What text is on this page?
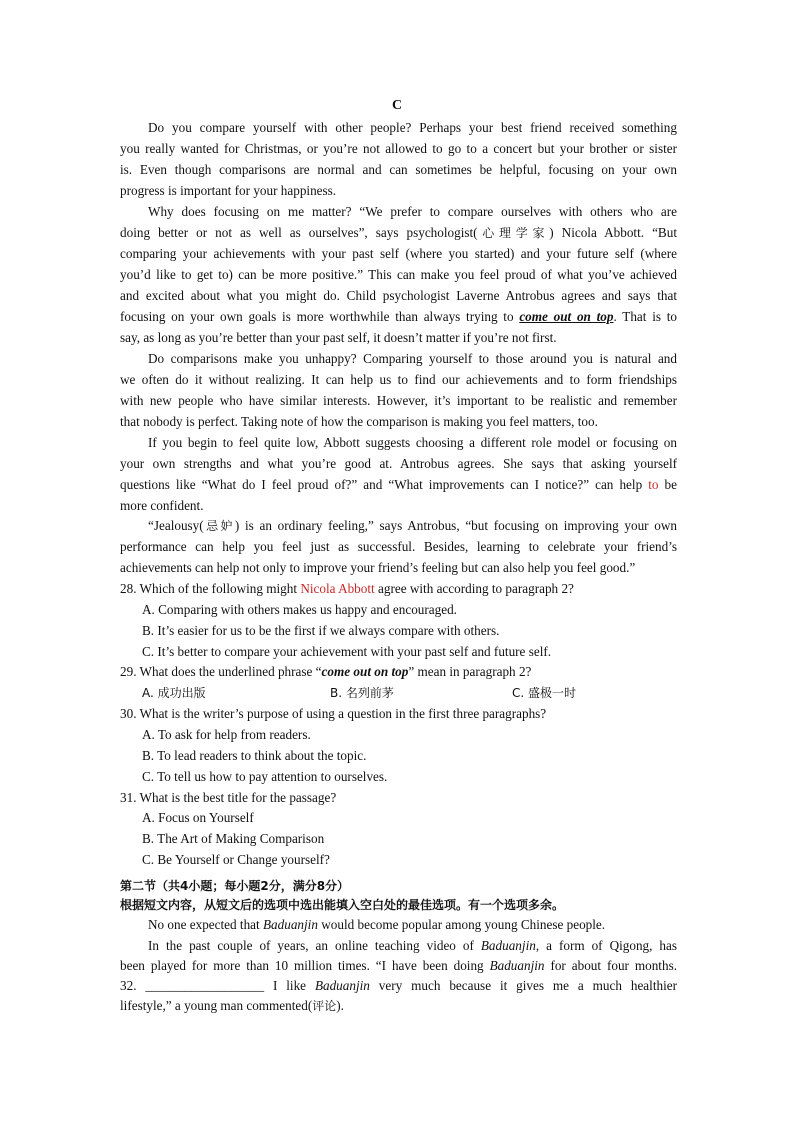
C
Do you compare yourself with other people? Perhaps your best friend received something
you really wanted for Christmas, or you’re not allowed to go to a concert but your brother or sister
is. Even though comparisons are normal and can sometimes be helpful, focusing on your own
progress is important for your happiness.
Why does focusing on me matter? “We prefer to compare ourselves with others who are
doing better or not as well as ourselves”, says psychologist(心理学家) Nicola Abbott. “But
comparing your achievements with your past self (where you started) and your future self (where
you’d like to get to) can be more positive.” This can make you feel proud of what you’ve achieved
and excited about what you might do. Child psychologist Laverne Antrobus agrees and says that
focusing on your own goals is more worthwhile than always trying to come out on top. That is to
say, as long as you’re better than your past self, it doesn’t matter if you’re not first.
Do comparisons make you unhappy? Comparing yourself to those around you is natural and
we often do it without realizing. It can help us to find our achievements and to form friendships
with new people who have similar interests. However, it’s important to be realistic and remember
that nobody is perfect. Taking note of how the comparison is making you feel matters, too.
If you begin to feel quite low, Abbott suggests choosing a different role model or focusing on
your own strengths and what you’re good at. Antrobus agrees. She says that asking yourself
questions like “What do I feel proud of?” and “What improvements can I notice?” can help to be
more confident.
“Jealousy(忌妒) is an ordinary feeling,” says Antrobus, “but focusing on improving your own
performance can help you feel just as successful. Besides, learning to celebrate your friend’s
achievements can help not only to improve your friend’s feeling but can also help you feel good.”
28. Which of the following might Nicola Abbott agree with according to paragraph 2?
A. Comparing with others makes us happy and encouraged.
B. It’s easier for us to be the first if we always compare with others.
C. It’s better to compare your achievement with your past self and future self.
29. What does the underlined phrase “come out on top” mean in paragraph 2?
A. 成功出版	B. 名列前茅	C. 盛极一时
30. What is the writer’s purpose of using a question in the first three paragraphs?
A. To ask for help from readers.
B. To lead readers to think about the topic.
C. To tell us how to pay attention to ourselves.
31. What is the best title for the passage?
A. Focus on Yourself
B. The Art of Making Comparison
C. Be Yourself or Change yourself?
第二节（共4小题；每小题2分，满分8分）
根据短文内容，从短文后的选项中选出能填入空白处的最佳选项。有一个选项多余。
No one expected that Baduanjin would become popular among young Chinese people.
In the past couple of years, an online teaching video of Baduanjin, a form of Qigong, has
been played for more than 10 million times. “I have been doing Baduanjin for about four months.
32. __________________ I like Baduanjin very much because it gives me a much healthier
lifestyle,” a young man commented(评论).
